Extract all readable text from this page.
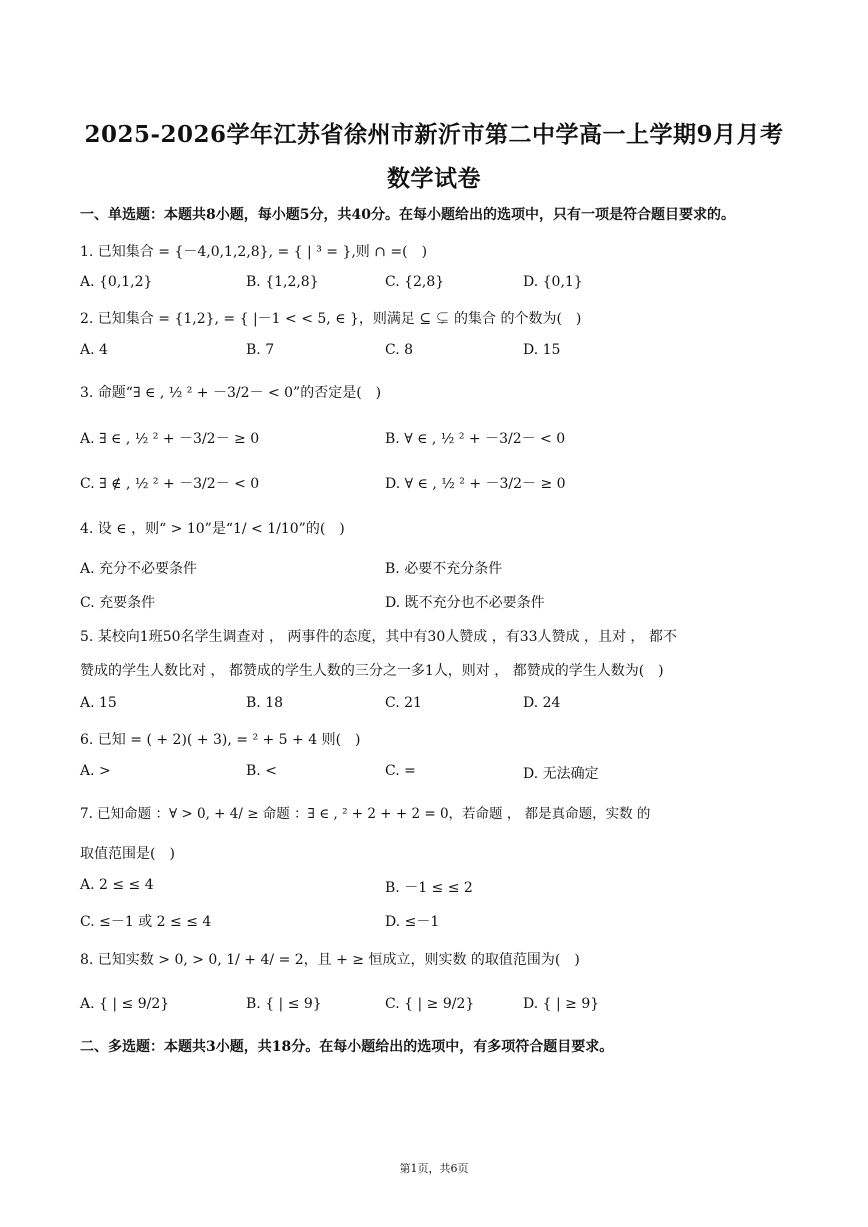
2025-2026学年江苏省徐州市新沂市第二中学高一上学期9月月考
数学试卷
一、单选题：本题共8小题，每小题5分，共40分。在每小题给出的选项中，只有一项是符合题目要求的。
1. 已知集合 = {－4,0,1,2,8}, = { | ³ = },则 ∩ =(　)
A. {0,1,2}	B. {1,2,8}	C. {2,8}	D. {0,1}
2. 已知集合 = {1,2}, = { |－1 < < 5, ∈ }，则满足 ⊆ ⊊ 的集合 的个数为(　)
A. 4	B. 7	C. 8	D. 15
3. 命题“∃ ∈ , ½ ² + －3/2－ < 0”的否定是(　)
A. ∃ ∈ , ½ ² + －3/2－ ≥ 0	B. ∀ ∈ , ½ ² + －3/2－ < 0
C. ∃ ∉ , ½ ² + －3/2－ < 0	D. ∀ ∈ , ½ ² + －3/2－ ≥ 0
4. 设 ∈ ，则“ > 10”是“1/ < 1/10”的(　)
A. 充分不必要条件	B. 必要不充分条件
C. 充要条件	D. 既不充分也不必要条件
5. 某校向1班50名学生调查对 ， 两事件的态度，其中有30人赞成 ，有33人赞成 ，且对 ， 都不
赞成的学生人数比对 ， 都赞成的学生人数的三分之一多1人，则对 ， 都赞成的学生人数为(　)
A. 15	B. 18	C. 21	D. 24
6. 已知 = ( + 2)( + 3), = ² + 5 + 4 则(　)
A. >	B. <	C. =	D. 无法确定
7. 已知命题 ：∀ > 0, + 4/ ≥ 命题 ：∃ ∈ , ² + 2 + + 2 = 0，若命题 ， 都是真命题，实数 的
取值范围是(　)
A. 2 ≤ ≤ 4	B. －1 ≤ ≤ 2
C. ≤－1 或 2 ≤ ≤ 4	D. ≤－1
8. 已知实数 > 0, > 0, 1/ + 4/ = 2，且 + ≥ 恒成立，则实数 的取值范围为(　)
A. { | ≤ 9/2}	B. { | ≤ 9}	C. { | ≥ 9/2}	D. { | ≥ 9}
二、多选题：本题共3小题，共18分。在每小题给出的选项中，有多项符合题目要求。
第1页，共6页
